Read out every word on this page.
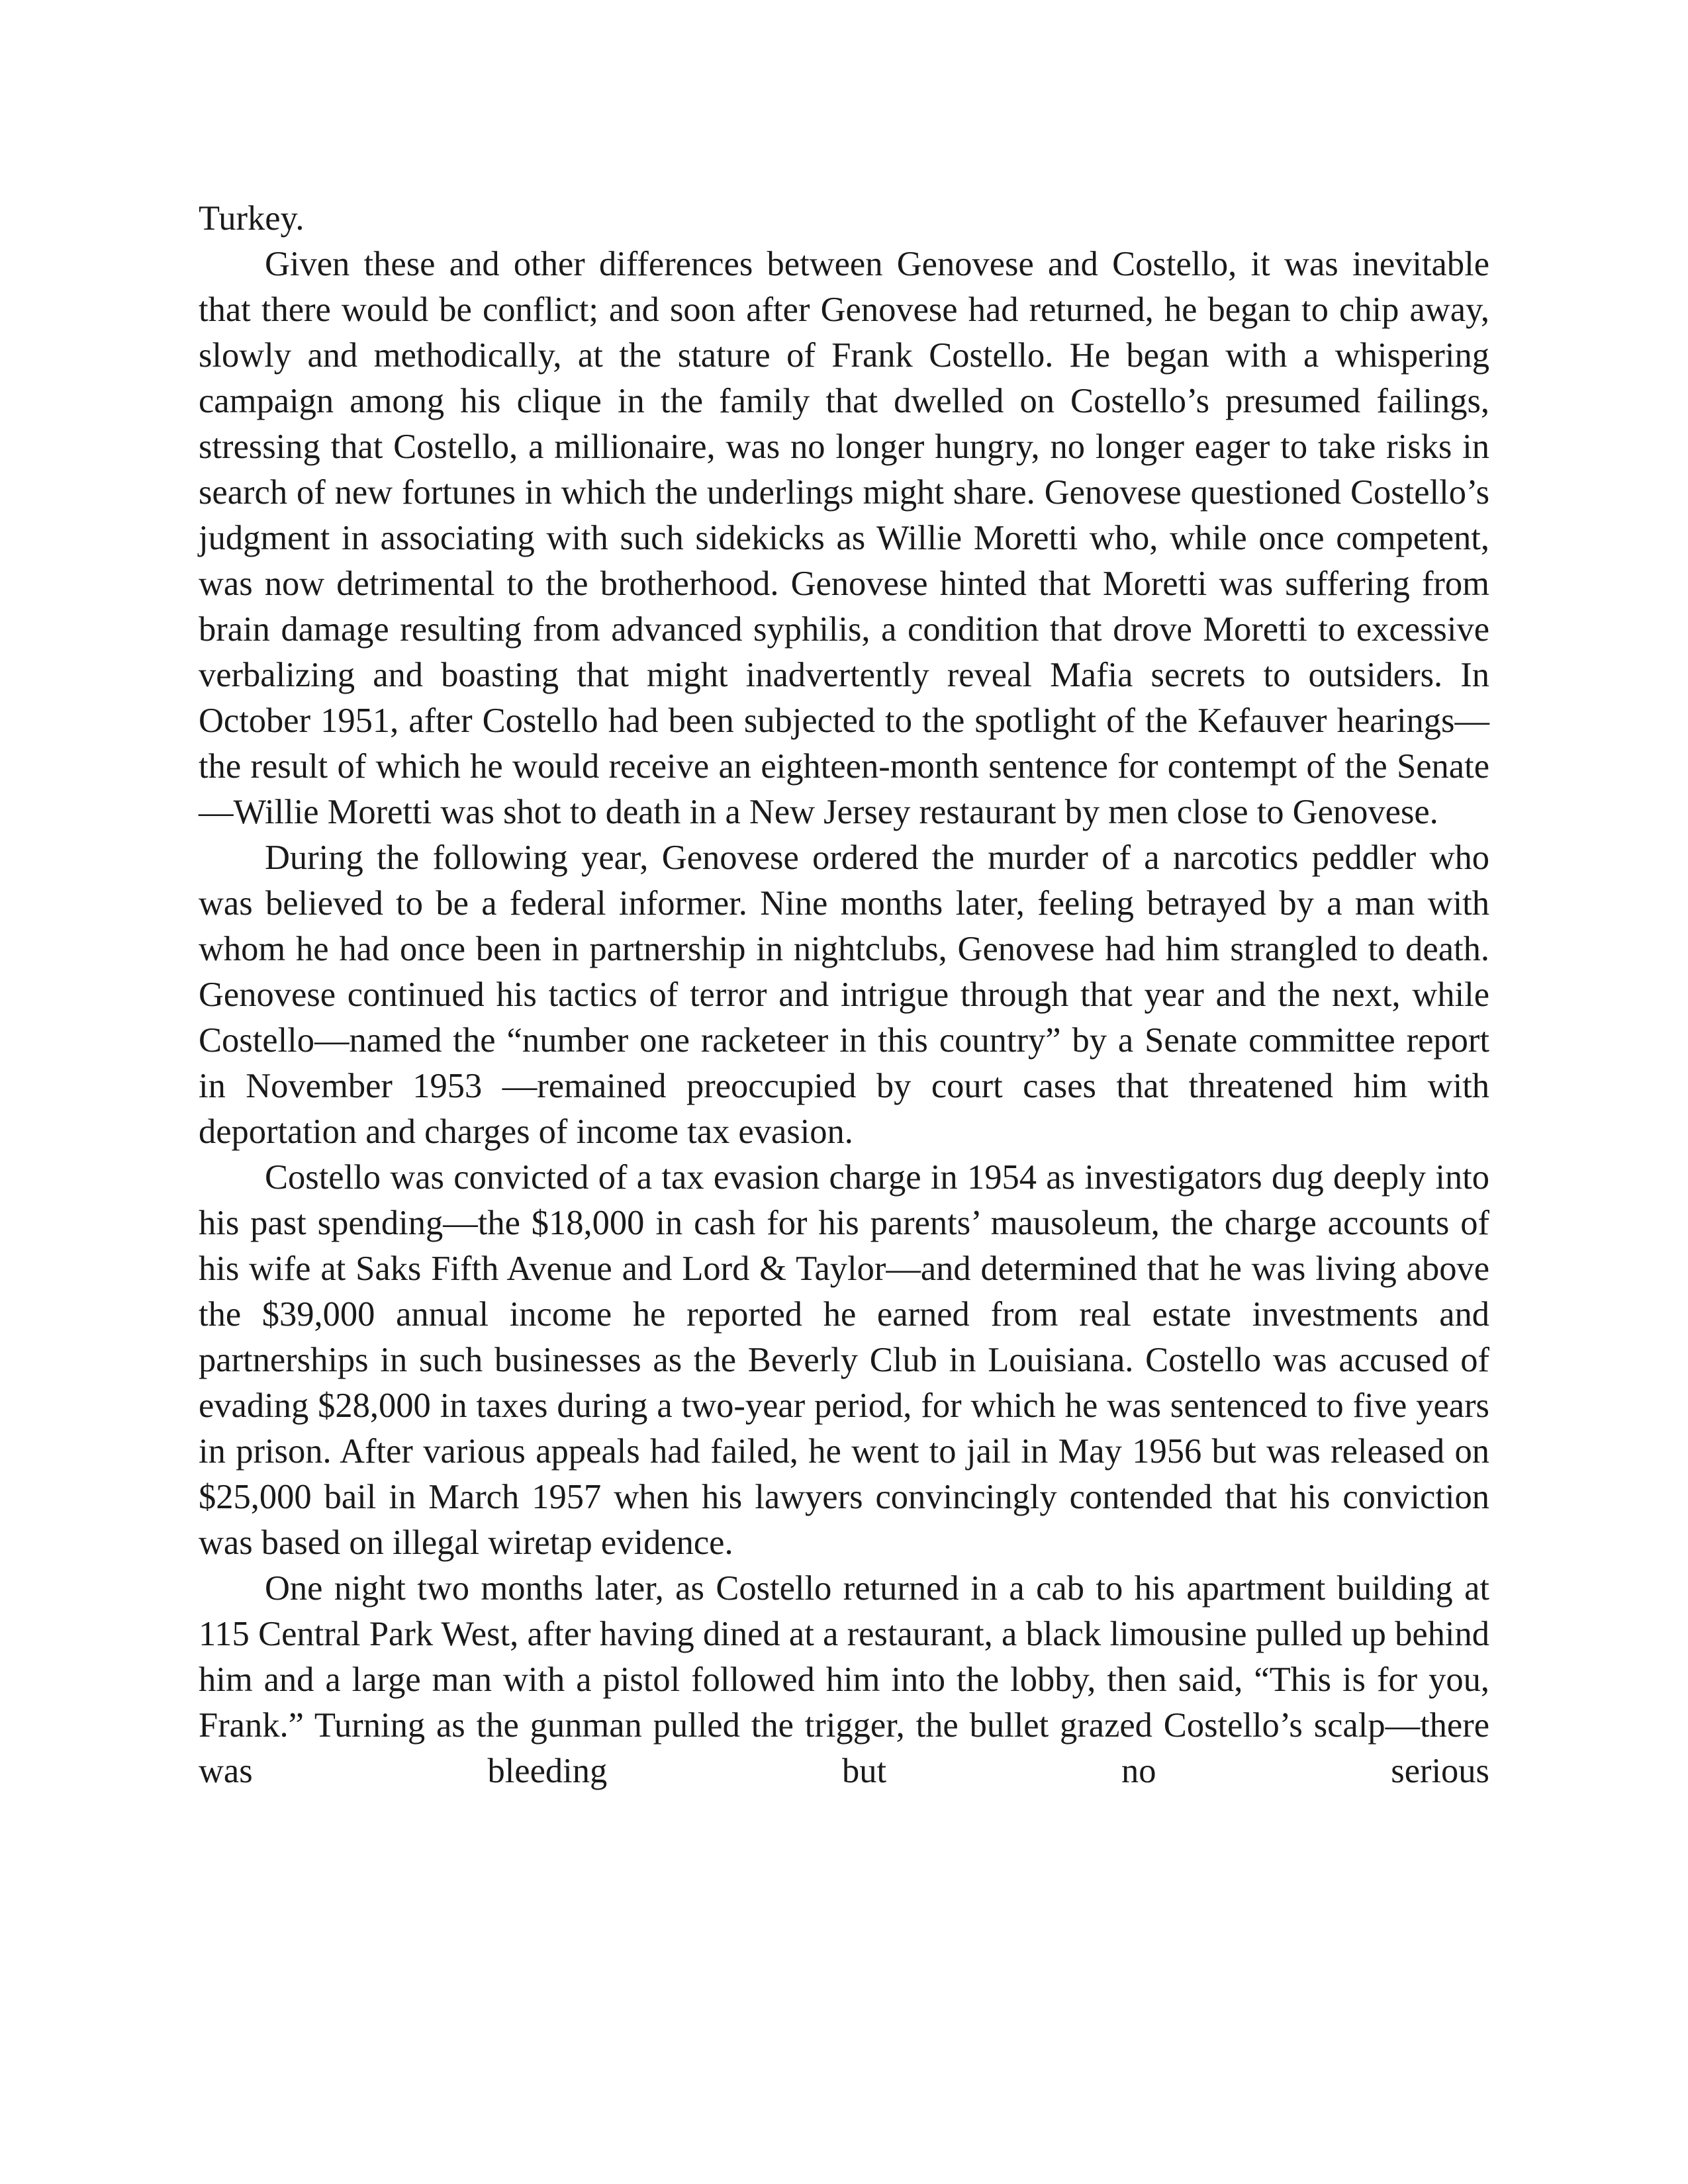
Turkey.

Given these and other differences between Genovese and Costello, it was inevitable that there would be conflict; and soon after Genovese had returned, he began to chip away, slowly and methodically, at the stature of Frank Costello. He began with a whispering campaign among his clique in the family that dwelled on Costello’s presumed failings, stressing that Costello, a millionaire, was no longer hungry, no longer eager to take risks in search of new fortunes in which the underlings might share. Genovese questioned Costello’s judgment in associating with such sidekicks as Willie Moretti who, while once competent, was now detrimental to the brotherhood. Genovese hinted that Moretti was suffering from brain damage resulting from advanced syphilis, a condition that drove Moretti to excessive verbalizing and boasting that might inadvertently reveal Mafia secrets to outsiders. In October 1951, after Costello had been subjected to the spotlight of the Kefauver hearings—the result of which he would receive an eighteen-month sentence for contempt of the Senate—Willie Moretti was shot to death in a New Jersey restaurant by men close to Genovese.

During the following year, Genovese ordered the murder of a narcotics peddler who was believed to be a federal informer. Nine months later, feeling betrayed by a man with whom he had once been in partnership in nightclubs, Genovese had him strangled to death. Genovese continued his tactics of terror and intrigue through that year and the next, while Costello—named the “number one racketeer in this country” by a Senate committee report in November 1953 —remained preoccupied by court cases that threatened him with deportation and charges of income tax evasion.

Costello was convicted of a tax evasion charge in 1954 as investigators dug deeply into his past spending—the $18,000 in cash for his parents’ mausoleum, the charge accounts of his wife at Saks Fifth Avenue and Lord & Taylor—and determined that he was living above the $39,000 annual income he reported he earned from real estate investments and partnerships in such businesses as the Beverly Club in Louisiana. Costello was accused of evading $28,000 in taxes during a two-year period, for which he was sentenced to five years in prison. After various appeals had failed, he went to jail in May 1956 but was released on $25,000 bail in March 1957 when his lawyers convincingly contended that his conviction was based on illegal wiretap evidence.

One night two months later, as Costello returned in a cab to his apartment building at 115 Central Park West, after having dined at a restaurant, a black limousine pulled up behind him and a large man with a pistol followed him into the lobby, then said, “This is for you, Frank.” Turning as the gunman pulled the trigger, the bullet grazed Costello’s scalp—there was bleeding but no serious
